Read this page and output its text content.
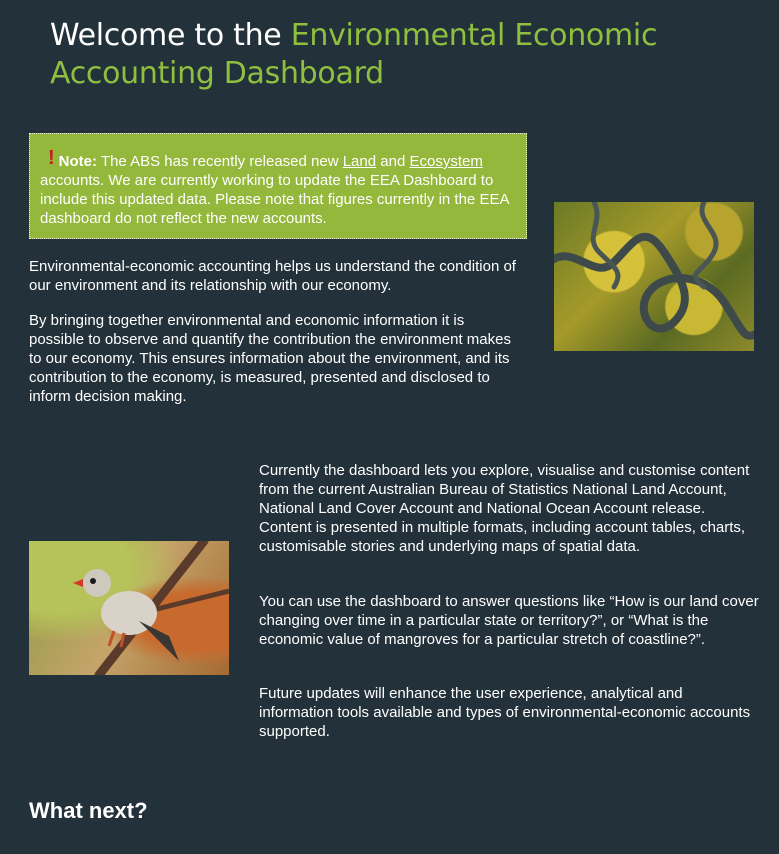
Welcome to the Environmental Economic Accounting Dashboard
! Note: The ABS has recently released new Land and Ecosystem accounts. We are currently working to update the EEA Dashboard to include this updated data. Please note that figures currently in the EEA dashboard do not reflect the new accounts.

Environmental-economic accounting helps us understand the condition of our environment and its relationship with our economy.

By bringing together environmental and economic information it is possible to observe and quantify the contribution the environment makes to our economy. This ensures information about the environment, and its contribution to the economy, is measured, presented and disclosed to inform decision making.

Currently the dashboard lets you explore, visualise and customise content from the current Australian Bureau of Statistics National Land Account, National Land Cover Account and National Ocean Account release. Content is presented in multiple formats, including account tables, charts, customisable stories and underlying maps of spatial data.

You can use the dashboard to answer questions like “How is our land cover changing over time in a particular state or territory?”, or “What is the economic value of mangroves for a particular stretch of coastline?”.

Future updates will enhance the user experience, analytical and information tools available and types of environmental-economic accounts supported.

What next?
